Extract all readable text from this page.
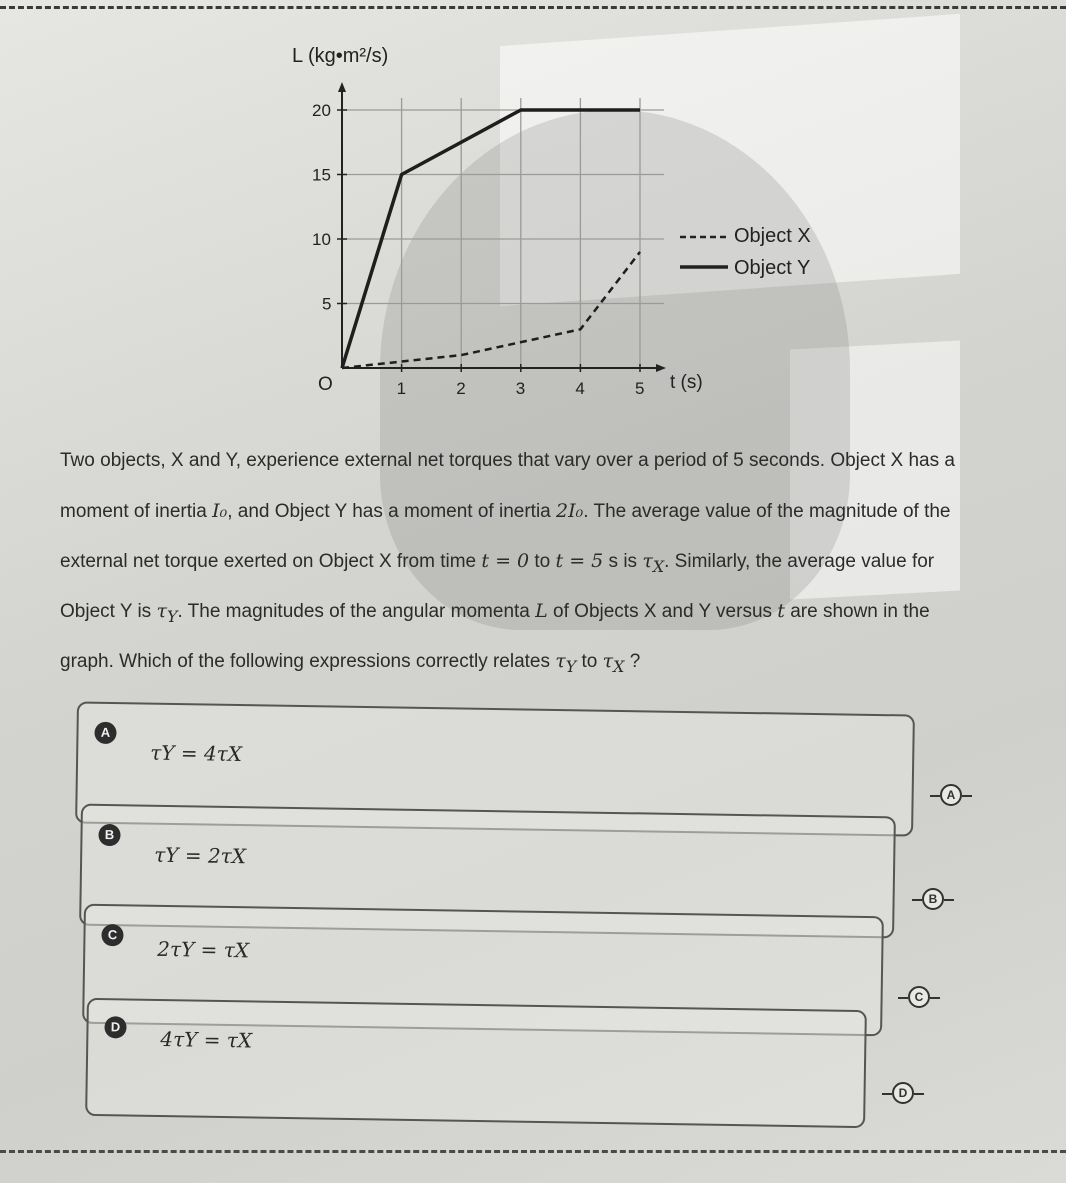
1	2	3	4	5
5
10
15
20
L (kg•m²/s)
t (s)
O
Object X
Object Y
Two objects, X and Y, experience external net torques that vary over a period of 5 seconds. Object X has a
moment of inertia I₀, and Object Y has a moment of inertia 2I₀. The average value of the magnitude of the
external net torque exerted on Object X from time t = 0 to t = 5 s is $\tau_X$. Similarly, the average value for
Object Y is $\tau_Y$. The magnitudes of the angular momenta L of Objects X and Y versus t are shown in the
graph. Which of the following expressions correctly relates $\tau_Y$ to $\tau_X$ ?
A
τY = 4τX
A
B
τY = 2τX
B
C
2τY = τX
C
D
4τY = τX
D
